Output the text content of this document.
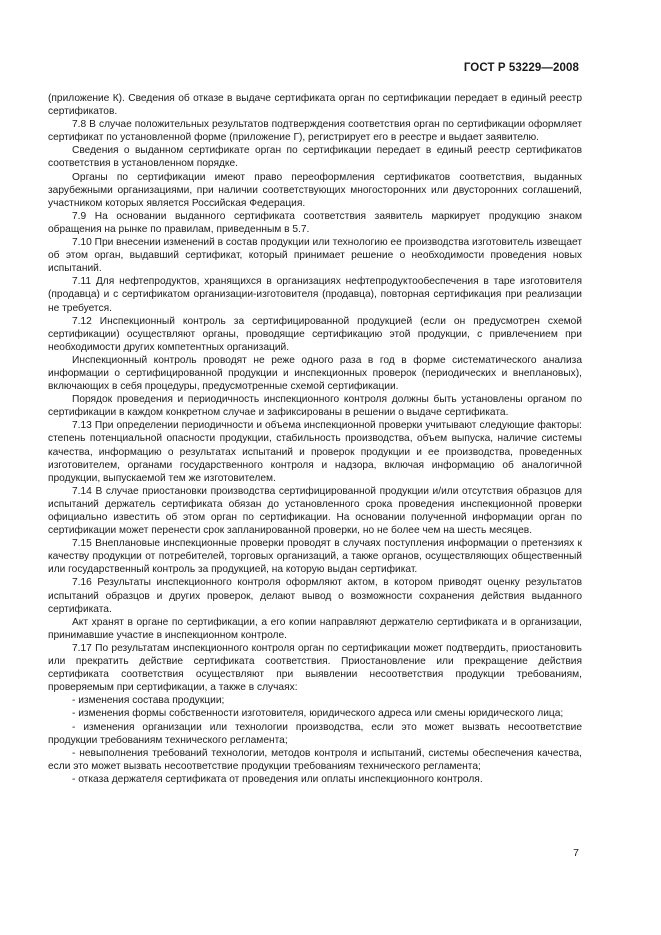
ГОСТ Р 53229—2008

(приложение К). Сведения об отказе в выдаче сертификата орган по сертификации передает в единый реестр сертификатов.

7.8 В случае положительных результатов подтверждения соответствия орган по сертификации оформляет сертификат по установленной форме (приложение Г), регистрирует его в реестре и выдает заявителю.

Сведения о выданном сертификате орган по сертификации передает в единый реестр сертификатов соответствия в установленном порядке.

Органы по сертификации имеют право переоформления сертификатов соответствия, выданных зарубежными организациями, при наличии соответствующих многосторонних или двусторонних соглашений, участником которых является Российская Федерация.

7.9 На основании выданного сертификата соответствия заявитель маркирует продукцию знаком обращения на рынке по правилам, приведенным в 5.7.

7.10 При внесении изменений в состав продукции или технологию ее производства изготовитель извещает об этом орган, выдавший сертификат, который принимает решение о необходимости проведения новых испытаний.

7.11 Для нефтепродуктов, хранящихся в организациях нефтепродуктообеспечения в таре изготовителя (продавца) и с сертификатом организации-изготовителя (продавца), повторная сертификация при реализации не требуется.

7.12 Инспекционный контроль за сертифицированной продукцией (если он предусмотрен схемой сертификации) осуществляют органы, проводящие сертификацию этой продукции, с привлечением при необходимости других компетентных организаций.

Инспекционный контроль проводят не реже одного раза в год в форме систематического анализа информации о сертифицированной продукции и инспекционных проверок (периодических и внеплановых), включающих в себя процедуры, предусмотренные схемой сертификации.

Порядок проведения и периодичность инспекционного контроля должны быть установлены органом по сертификации в каждом конкретном случае и зафиксированы в решении о выдаче сертификата.

7.13 При определении периодичности и объема инспекционной проверки учитывают следующие факторы: степень потенциальной опасности продукции, стабильность производства, объем выпуска, наличие системы качества, информацию о результатах испытаний и проверок продукции и ее производства, проведенных изготовителем, органами государственного контроля и надзора, включая информацию об аналогичной продукции, выпускаемой тем же изготовителем.

7.14 В случае приостановки производства сертифицированной продукции и/или отсутствия образцов для испытаний держатель сертификата обязан до установленного срока проведения инспекционной проверки официально известить об этом орган по сертификации. На основании полученной информации орган по сертификации может перенести срок запланированной проверки, но не более чем на шесть месяцев.

7.15 Внеплановые инспекционные проверки проводят в случаях поступления информации о претензиях к качеству продукции от потребителей, торговых организаций, а также органов, осуществляющих общественный или государственный контроль за продукцией, на которую выдан сертификат.

7.16 Результаты инспекционного контроля оформляют актом, в котором приводят оценку результатов испытаний образцов и других проверок, делают вывод о возможности сохранения действия выданного сертификата.

Акт хранят в органе по сертификации, а его копии направляют держателю сертификата и в организации, принимавшие участие в инспекционном контроле.

7.17 По результатам инспекционного контроля орган по сертификации может подтвердить, приостановить или прекратить действие сертификата соответствия. Приостановление или прекращение действия сертификата соответствия осуществляют при выявлении несоответствия продукции требованиям, проверяемым при сертификации, а также в случаях:

- изменения состава продукции;

- изменения формы собственности изготовителя, юридического адреса или смены юридического лица;

- изменения организации или технологии производства, если это может вызвать несоответствие продукции требованиям технического регламента;

- невыполнения требований технологии, методов контроля и испытаний, системы обеспечения качества, если это может вызвать несоответствие продукции требованиям технического регламента;

- отказа держателя сертификата от проведения или оплаты инспекционного контроля.

7
